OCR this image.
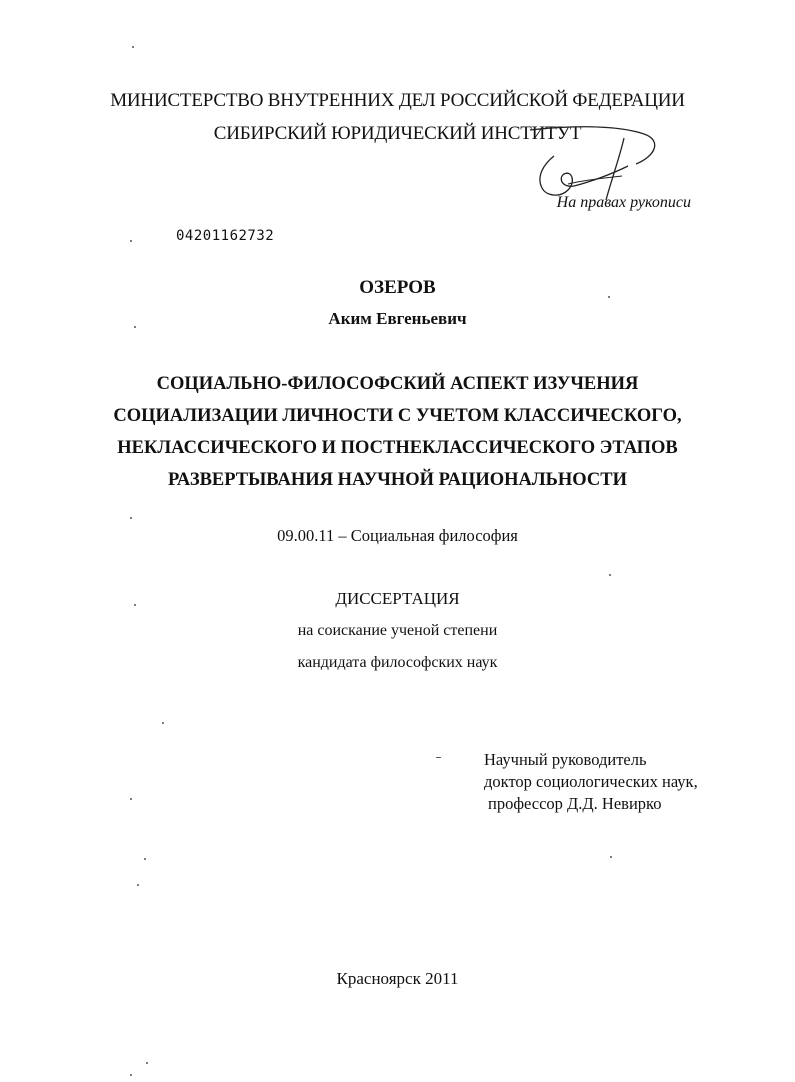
МИНИСТЕРСТВО ВНУТРЕННИХ ДЕЛ РОССИЙСКОЙ ФЕДЕРАЦИИ
СИБИРСКИЙ ЮРИДИЧЕСКИЙ ИНСТИТУТ
На правах рукописи
04201162732
ОЗЕРОВ
Аким Евгеньевич
СОЦИАЛЬНО-ФИЛОСОФСКИЙ АСПЕКТ ИЗУЧЕНИЯ
СОЦИАЛИЗАЦИИ ЛИЧНОСТИ С УЧЕТОМ КЛАССИЧЕСКОГО,
НЕКЛАССИЧЕСКОГО И ПОСТНЕКЛАССИЧЕСКОГО ЭТАПОВ
РАЗВЕРТЫВАНИЯ НАУЧНОЙ РАЦИОНАЛЬНОСТИ
09.00.11 – Социальная философия
ДИССЕРТАЦИЯ
на соискание ученой степени
кандидата философских наук
Научный руководитель
доктор социологических наук,
профессор Д.Д. Невирко
Красноярск 2011
